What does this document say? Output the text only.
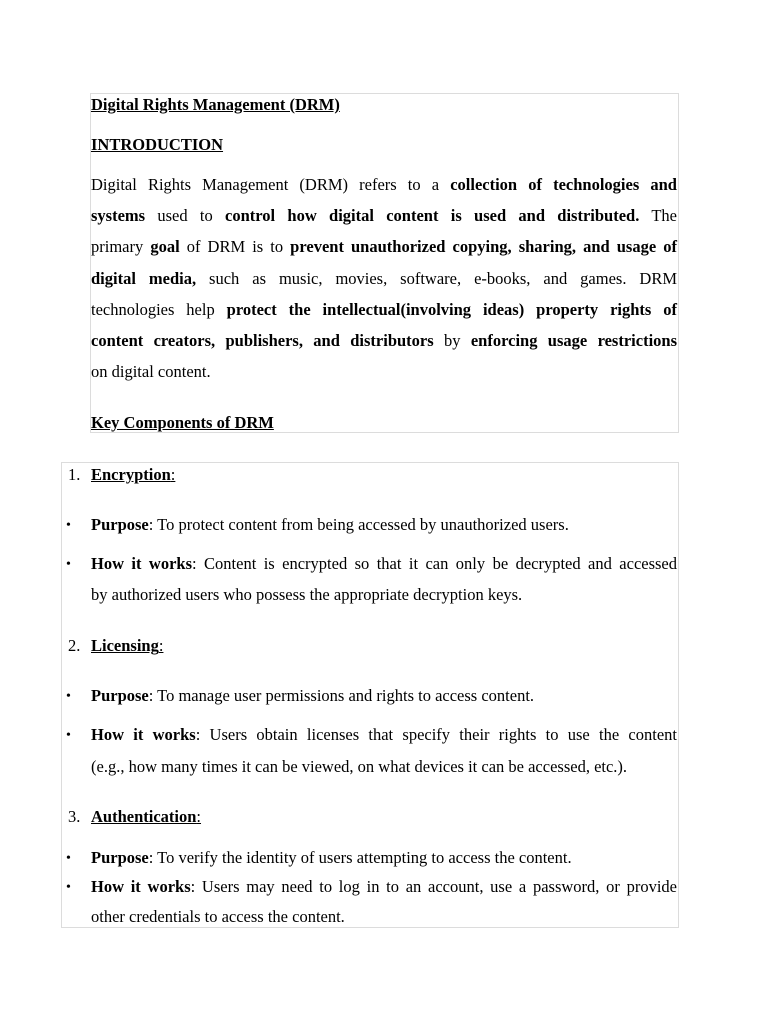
Digital Rights Management (DRM)
INTRODUCTION
Digital Rights Management (DRM) refers to a collection of technologies and
systems used to control how digital content is used and distributed. The
primary goal of DRM is to prevent unauthorized copying, sharing, and usage of
digital media, such as music, movies, software, e-books, and games. DRM
technologies help protect the intellectual(involving ideas) property rights of
content creators, publishers, and distributors by enforcing usage restrictions
on digital content.
Key Components of DRM
1. Encryption:
• Purpose: To protect content from being accessed by unauthorized users.
• How it works: Content is encrypted so that it can only be decrypted and accessed
by authorized users who possess the appropriate decryption keys.
2. Licensing:
• Purpose: To manage user permissions and rights to access content.
• How it works: Users obtain licenses that specify their rights to use the content
(e.g., how many times it can be viewed, on what devices it can be accessed, etc.).
3. Authentication:
• Purpose: To verify the identity of users attempting to access the content.
• How it works: Users may need to log in to an account, use a password, or provide
other credentials to access the content.
